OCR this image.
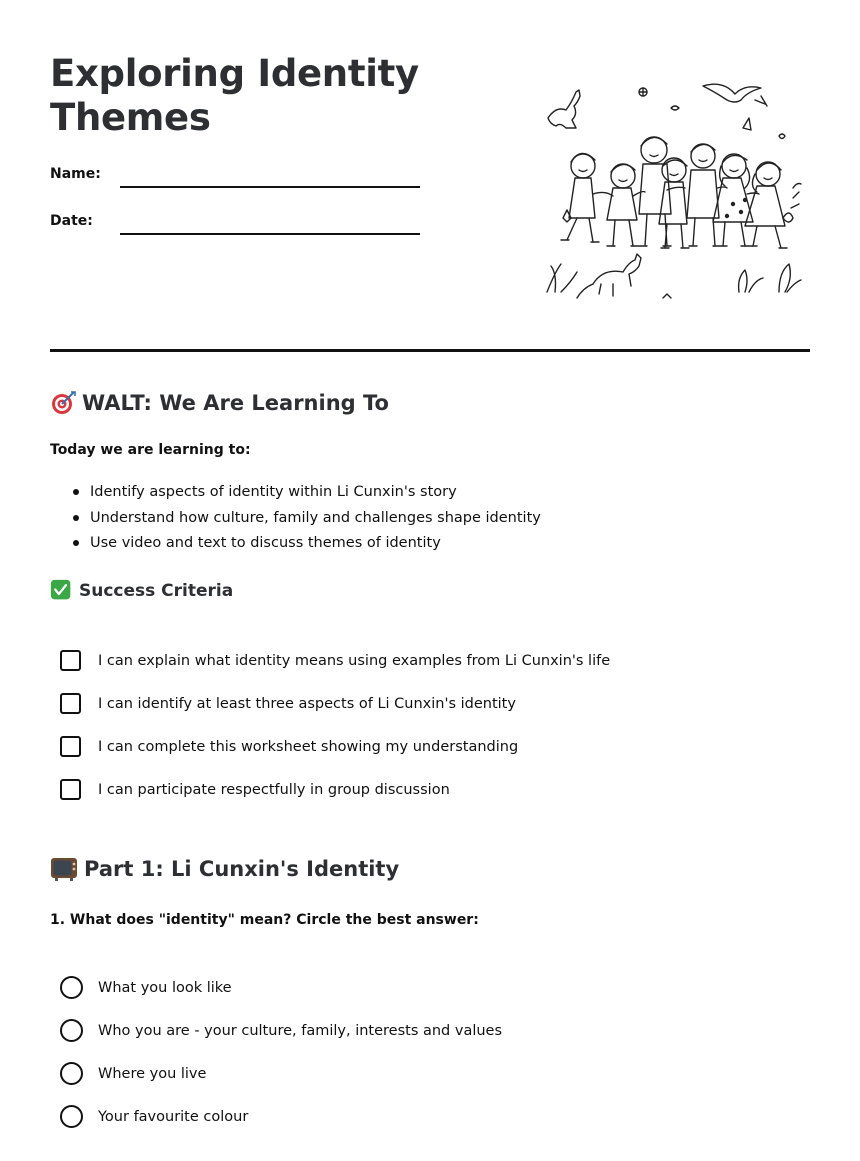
Exploring Identity
Themes
Name:
Date:
WALT: We Are Learning To
Today we are learning to:
Identify aspects of identity within Li Cunxin's story
Understand how culture, family and challenges shape identity
Use video and text to discuss themes of identity
Success Criteria
I can explain what identity means using examples from Li Cunxin's life
I can identify at least three aspects of Li Cunxin's identity
I can complete this worksheet showing my understanding
I can participate respectfully in group discussion
Part 1: Li Cunxin's Identity
1. What does "identity" mean? Circle the best answer:
What you look like
Who you are - your culture, family, interests and values
Where you live
Your favourite colour
